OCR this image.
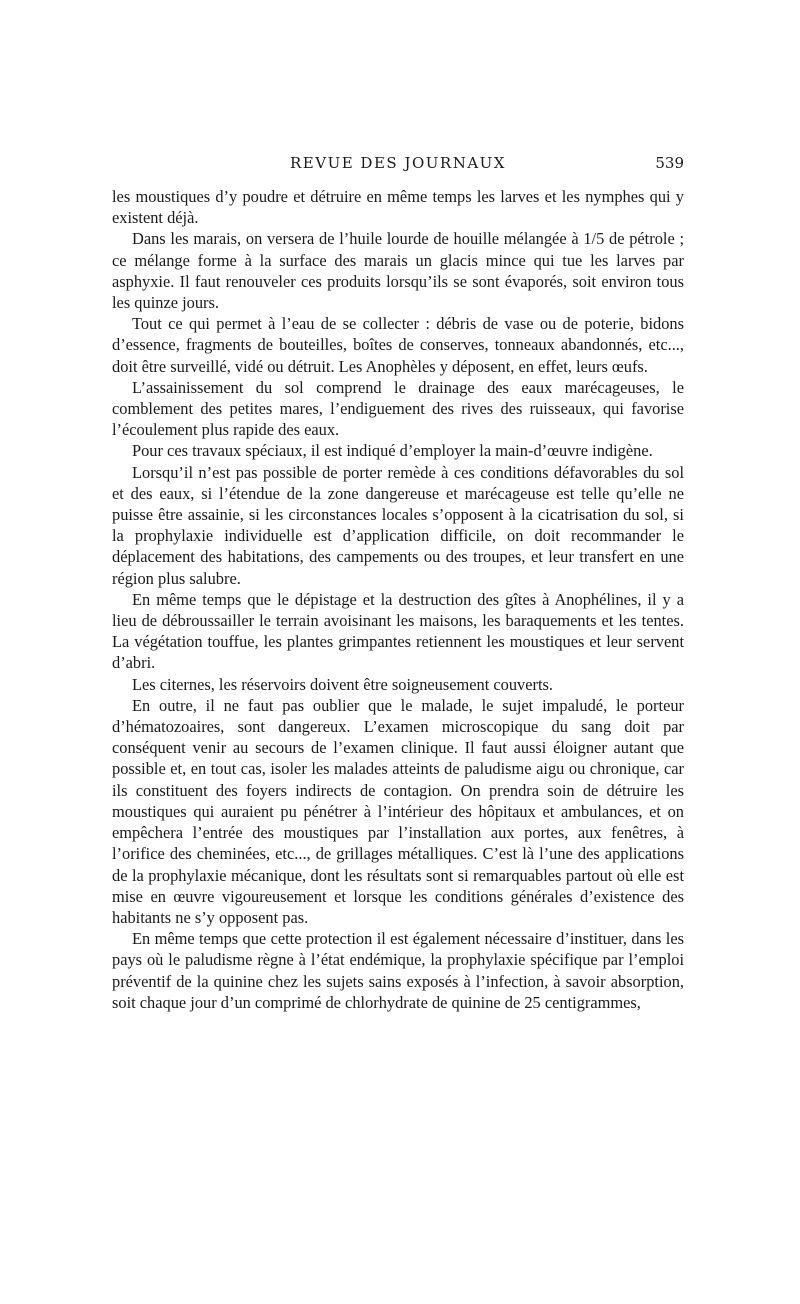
REVUE DES JOURNAUX	539

les moustiques d’y poudre et détruire en même temps les larves et les nymphes qui y existent déjà.

Dans les marais, on versera de l’huile lourde de houille mélangée à 1/5 de pétrole ; ce mélange forme à la surface des marais un glacis mince qui tue les larves par asphyxie. Il faut renouveler ces produits lorsqu’ils se sont évaporés, soit environ tous les quinze jours.

Tout ce qui permet à l’eau de se collecter : débris de vase ou de poterie, bidons d’essence, fragments de bouteilles, boîtes de conserves, tonneaux abandonnés, etc..., doit être surveillé, vidé ou détruit. Les Anophèles y déposent, en effet, leurs œufs.

L’assainissement du sol comprend le drainage des eaux marécageuses, le comblement des petites mares, l’endiguement des rives des ruisseaux, qui favorise l’écoulement plus rapide des eaux.

Pour ces travaux spéciaux, il est indiqué d’employer la main-d’œuvre indigène.

Lorsqu’il n’est pas possible de porter remède à ces conditions défavorables du sol et des eaux, si l’étendue de la zone dangereuse et marécageuse est telle qu’elle ne puisse être assainie, si les circonstances locales s’opposent à la cicatrisation du sol, si la prophylaxie individuelle est d’application difficile, on doit recommander le déplacement des habitations, des campements ou des troupes, et leur transfert en une région plus salubre.

En même temps que le dépistage et la destruction des gîtes à Anophélines, il y a lieu de débroussailler le terrain avoisinant les maisons, les baraquements et les tentes. La végétation touffue, les plantes grimpantes retiennent les moustiques et leur servent d’abri.

Les citernes, les réservoirs doivent être soigneusement couverts.

En outre, il ne faut pas oublier que le malade, le sujet impaludé, le porteur d’hématozoaires, sont dangereux. L’examen microscopique du sang doit par conséquent venir au secours de l’examen clinique. Il faut aussi éloigner autant que possible et, en tout cas, isoler les malades atteints de paludisme aigu ou chronique, car ils constituent des foyers indirects de contagion. On prendra soin de détruire les moustiques qui auraient pu pénétrer à l’intérieur des hôpitaux et ambulances, et on empêchera l’entrée des moustiques par l’installation aux portes, aux fenêtres, à l’orifice des cheminées, etc..., de grillages métalliques. C’est là l’une des applications de la prophylaxie mécanique, dont les résultats sont si remarquables partout où elle est mise en œuvre vigoureusement et lorsque les conditions générales d’existence des habitants ne s’y opposent pas.

En même temps que cette protection il est également nécessaire d’instituer, dans les pays où le paludisme règne à l’état endémique, la prophylaxie spécifique par l’emploi préventif de la quinine chez les sujets sains exposés à l’infection, à savoir absorption, soit chaque jour d’un comprimé de chlorhydrate de quinine de 25 centigrammes,
